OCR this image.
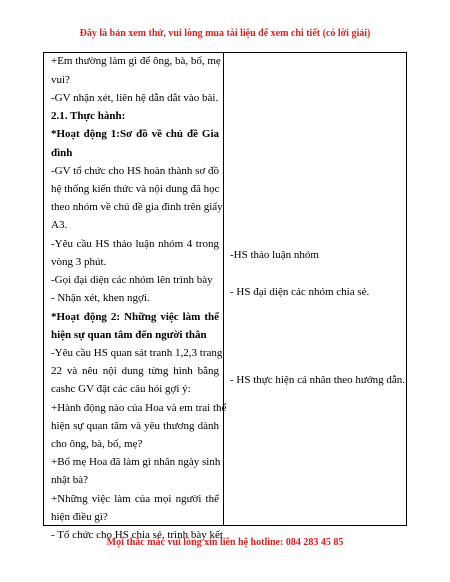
Đây là bản xem thử, vui lòng mua tài liệu để xem chi tiết (có lời giải)
+Em thường làm gì để ông, bà, bố, mẹ
vui?
-GV nhận xét, liên hệ dẫn dắt vào bài.
2.1. Thực hành:
*Hoạt động 1:Sơ đồ về chủ đề Gia
đình
-GV tổ chức cho HS hoàn thành sơ đồ
hệ thống kiến thức và nội dung đã học
theo nhóm về chủ đề gia đình trên giấy
A3.
-Yêu cầu HS thảo luận nhóm 4 trong
vòng 3 phút.
-Gọi đại diện các nhóm lên trình bày
- Nhận xét, khen ngợi.
*Hoạt động 2: Những việc làm thể
hiện sự quan tâm đến người thân
-Yêu cầu HS quan sát tranh 1,2,3 trang
22 và nêu nội dung từng hình bằng
cashc GV đặt các câu hỏi gợi ý:
+Hành động nào của Hoa và em trai thể
hiện sự quan tâm và yêu thương dành
cho ông, bà, bố, mẹ?
+Bố mẹ Hoa đã làm gì nhân ngày sinh
nhật bà?
+Những việc làm của mọi người thể
hiện điều gì?
- Tổ chức cho HS chia sẻ, trình bày kết
-HS thảo luận nhóm
- HS đại diện các nhóm chia sẻ.
- HS thực hiện cá nhân theo hướng dẫn.
Mọi thắc mắc vui lòng xin liên hệ hotline: 084 283 45 85
